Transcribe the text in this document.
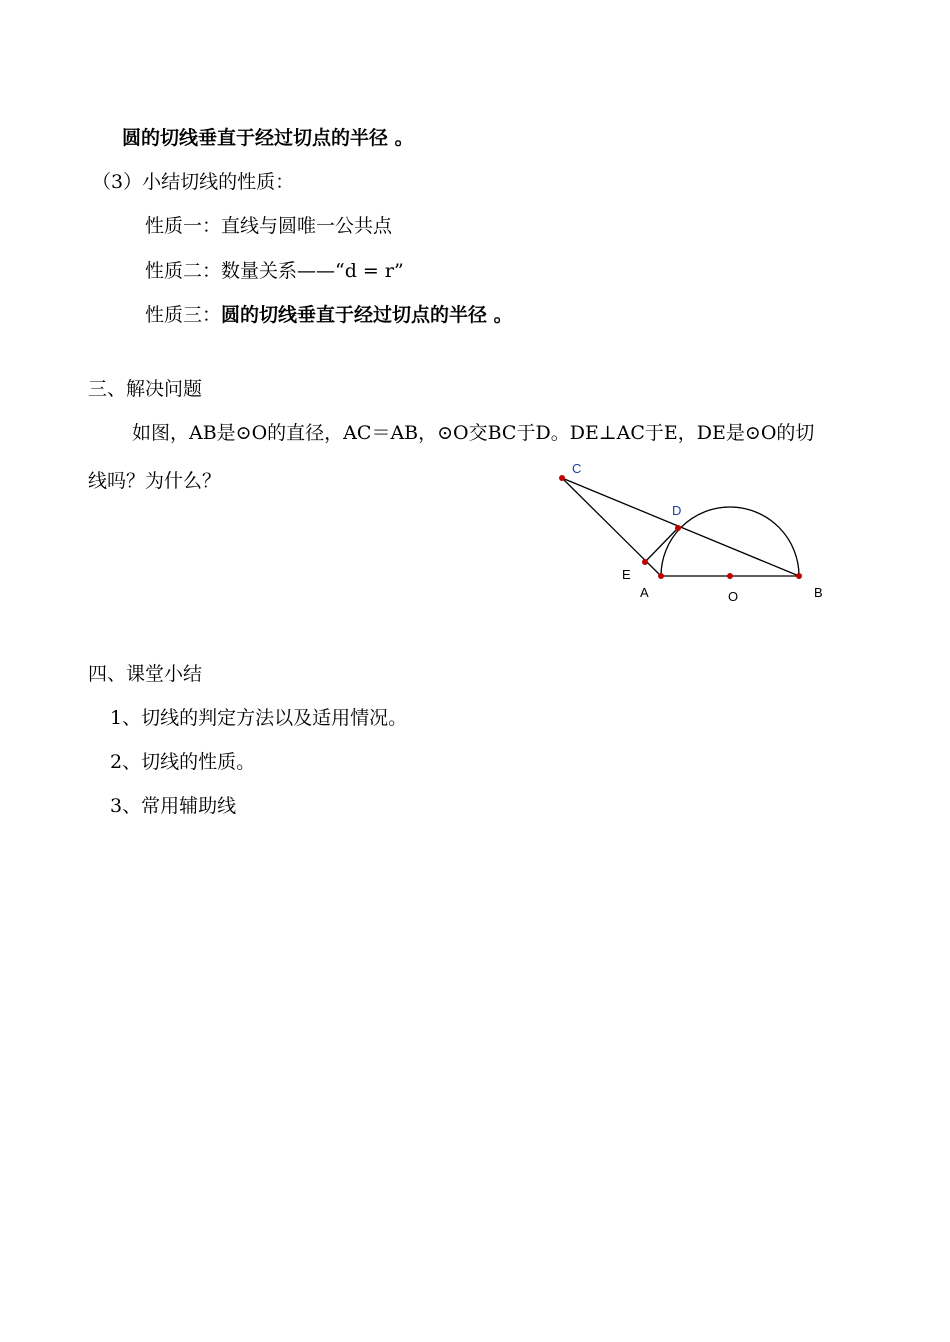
圆的切线垂直于经过切点的半径 。
（3）小结切线的性质：
性质一：直线与圆唯一公共点
性质二：数量关系——“d = r”
性质三：圆的切线垂直于经过切点的半径 。
三、解决问题
如图，AB是⊙O的直径，AC＝AB，⊙O交BC于D。DE⊥AC于E，DE是⊙O的切
线吗？为什么？
C
D
E
A	O	B
四、课堂小结
1、切线的判定方法以及适用情况。
2、切线的性质。
3、常用辅助线
